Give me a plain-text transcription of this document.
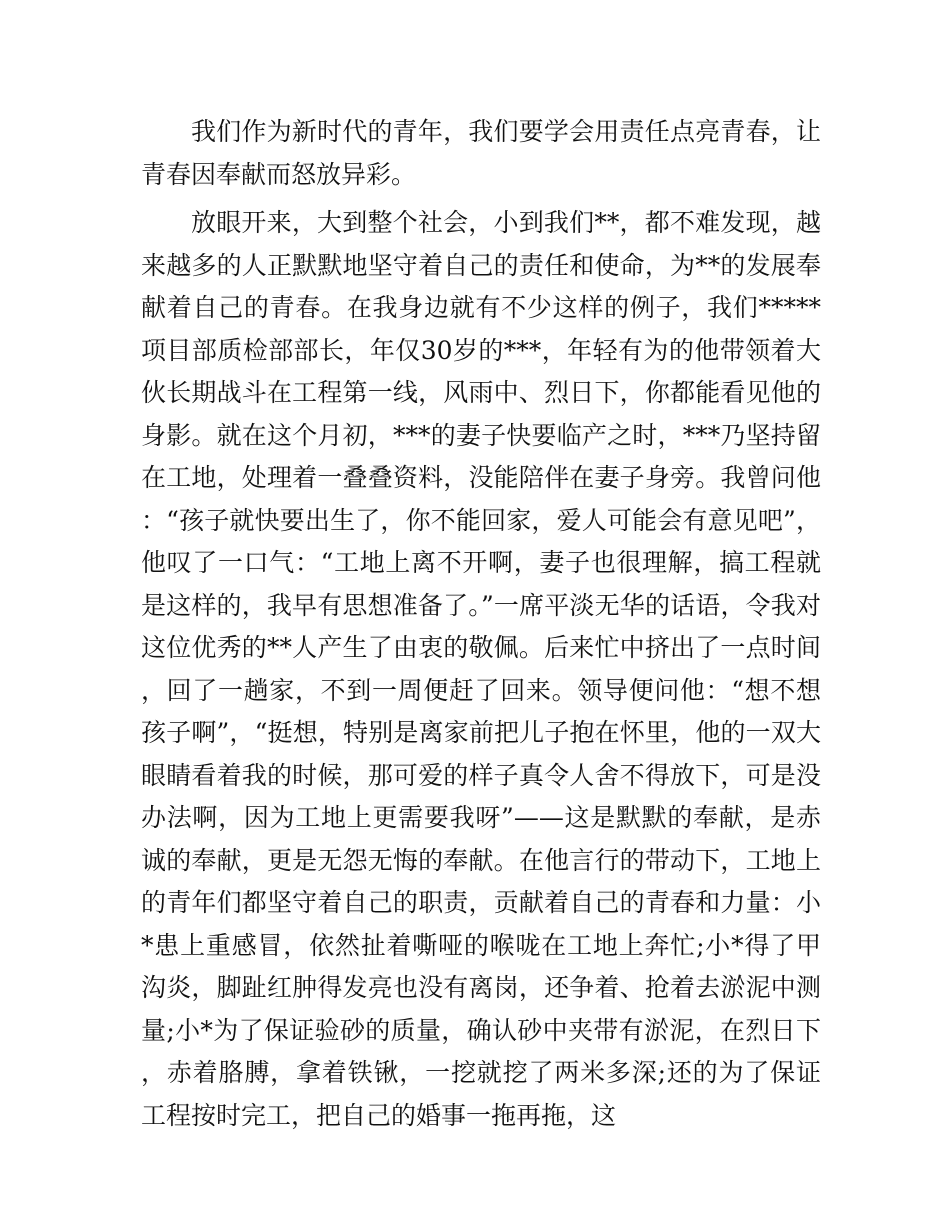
我们作为新时代的青年，我们要学会用责任点亮青春，让青春因奉献而怒放异彩。

放眼开来，大到整个社会，小到我们**，都不难发现，越来越多的人正默默地坚守着自己的责任和使命，为**的发展奉献着自己的青春。在我身边就有不少这样的例子，我们*****项目部质检部部长，年仅30岁的***，年轻有为的他带领着大伙长期战斗在工程第一线，风雨中、烈日下，你都能看见他的身影。就在这个月初，***的妻子快要临产之时，***乃坚持留在工地，处理着一叠叠资料，没能陪伴在妻子身旁。我曾问他：“孩子就快要出生了，你不能回家，爱人可能会有意见吧”，他叹了一口气：“工地上离不开啊，妻子也很理解，搞工程就是这样的，我早有思想准备了。”一席平淡无华的话语，令我对这位优秀的**人产生了由衷的敬佩。后来忙中挤出了一点时间，回了一趟家，不到一周便赶了回来。领导便问他：“想不想孩子啊”，“挺想，特别是离家前把儿子抱在怀里，他的一双大眼睛看着我的时候，那可爱的样子真令人舍不得放下，可是没办法啊，因为工地上更需要我呀”——这是默默的奉献，是赤诚的奉献，更是无怨无悔的奉献。在他言行的带动下，工地上的青年们都坚守着自己的职责，贡献着自己的青春和力量：小*患上重感冒，依然扯着嘶哑的喉咙在工地上奔忙;小*得了甲沟炎，脚趾红肿得发亮也没有离岗，还争着、抢着去淤泥中测量;小*为了保证验砂的质量，确认砂中夹带有淤泥，在烈日下，赤着胳膊，拿着铁锹，一挖就挖了两米多深;还的为了保证工程按时完工，把自己的婚事一拖再拖，这
